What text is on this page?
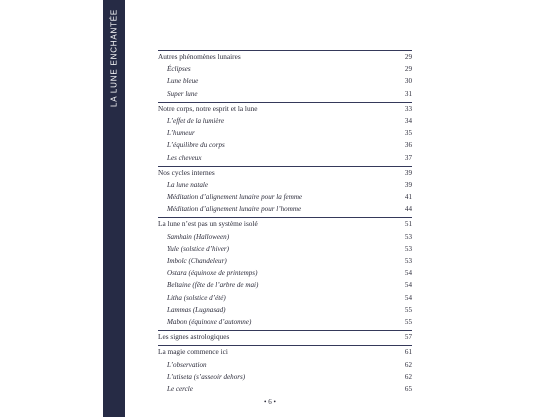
LA LUNE ENCHANTÉE	Autres phénomènes lunaires	29
Éclipses	29
Lune bleue	30
Super lune	31
Notre corps, notre esprit et la lune	33
L’effet de la lumière	34
L’humeur	35
L’équilibre du corps	36
Les cheveux	37
Nos cycles internes	39
La lune natale	39
Méditation d’alignement lunaire pour la femme	41
Méditation d’alignement lunaire pour l’homme	44
La lune n’est pas un système isolé	51
Samhain (Halloween)	53
Yule (solstice d’hiver)	53
Imbolc (Chandeleur)	53
Ostara (équinoxe de printemps)	54
Beltaine (fête de l’arbre de mai)	54
Litha (solstice d’été)	54
Lammas (Lugnasad)	55
Mabon (équinoxe d’automne)	55
Les signes astrologiques	57
La magie commence ici	61
L’observation	62
L’utiseta (s’asseoir dehors)	62
Le cercle	65
• 6 •
